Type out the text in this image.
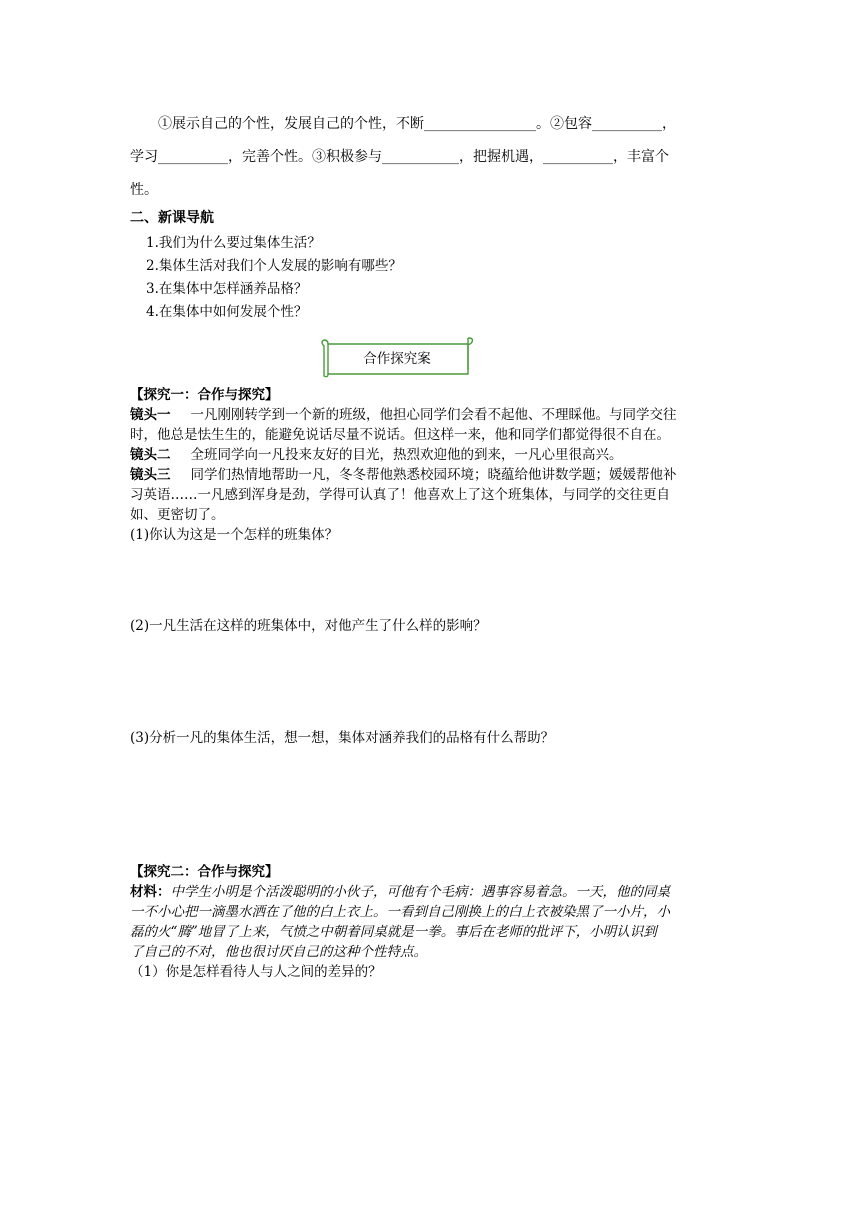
①展示自己的个性，发展自己的个性，不断________________。②包容__________，
学习__________，完善个性。③积极参与___________，把握机遇，__________，丰富个
性。
二、新课导航
1.我们为什么要过集体生活？
2.集体生活对我们个人发展的影响有哪些？
3.在集体中怎样涵养品格？
4.在集体中如何发展个性？
合作探究案
【探究一：合作与探究】
镜头一 一凡刚刚转学到一个新的班级，他担心同学们会看不起他、不理睬他。与同学交往
时，他总是怯生生的，能避免说话尽量不说话。但这样一来，他和同学们都觉得很不自在。
镜头二 全班同学向一凡投来友好的目光，热烈欢迎他的到来，一凡心里很高兴。
镜头三 同学们热情地帮助一凡，冬冬帮他熟悉校园环境；晓蕴给他讲数学题；媛媛帮他补
习英语……一凡感到浑身是劲，学得可认真了！他喜欢上了这个班集体，与同学的交往更自
如、更密切了。
(1)你认为这是一个怎样的班集体？
(2)一凡生活在这样的班集体中，对他产生了什么样的影响？
(3)分析一凡的集体生活，想一想，集体对涵养我们的品格有什么帮助？
【探究二：合作与探究】
材料：中学生小明是个活泼聪明的小伙子，可他有个毛病：遇事容易着急。一天，他的同桌
一不小心把一滴墨水洒在了他的白上衣上。一看到自己刚换上的白上衣被染黑了一小片，小
磊的火“腾”地冒了上来，气愤之中朝着同桌就是一拳。事后在老师的批评下，小明认识到
了自己的不对，他也很讨厌自己的这种个性特点。
（1）你是怎样看待人与人之间的差异的？
